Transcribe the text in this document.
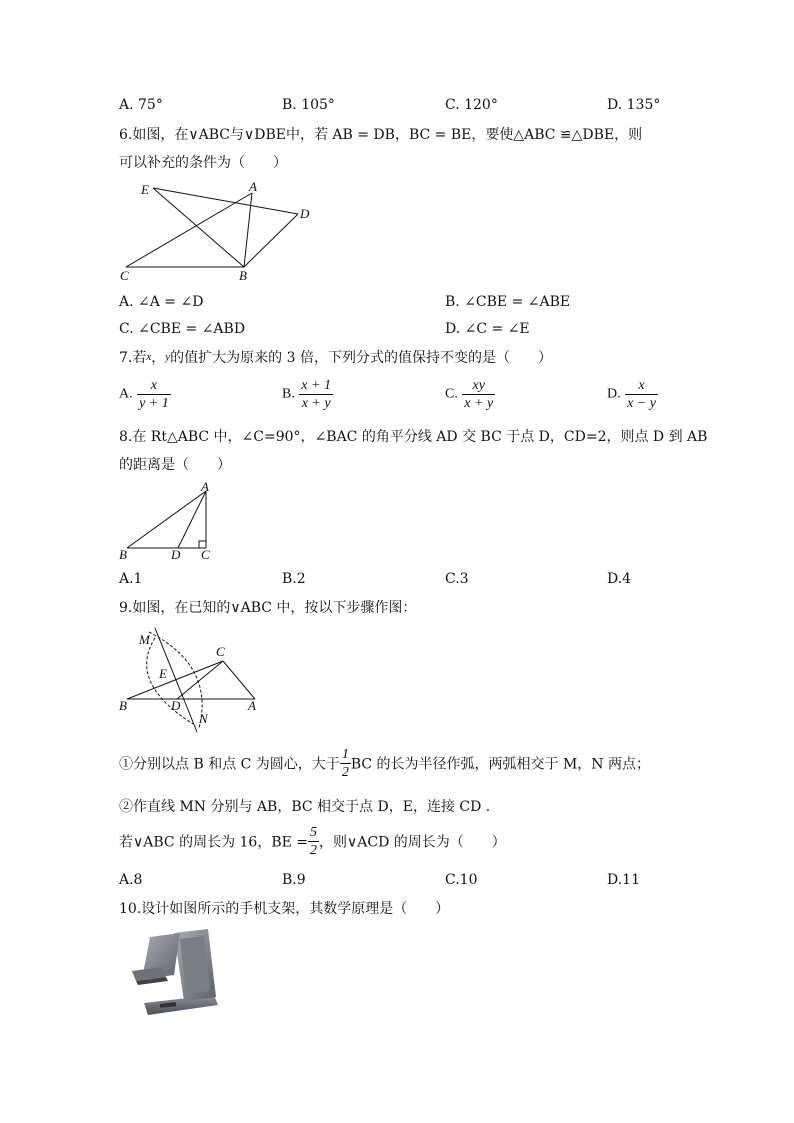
A. 75°	B. 105°	C. 120°	D. 135°
6.如图，在∨ABC与∨DBE中，若 AB = DB，BC = BE，要使△ABC ≌△DBE，则
可以补充的条件为（　　）
E	A
D
C	B
A. ∠A = ∠D	B. ∠CBE = ∠ABE
C. ∠CBE = ∠ABD	D. ∠C = ∠E
7.若x，y的值扩大为原来的 3 倍，下列分式的值保持不变的是（　　）
A. $\frac{x}{y + 1}$	B. $\frac{x + 1}{x + y}$	C. $\frac{xy}{x + y}$	D. $\frac{x}{x - y}$
8.在 Rt△ABC 中，∠C=90°，∠BAC 的角平分线 AD 交 BC 于点 D，CD=2，则点 D 到 AB
的距离是（　　）
A
B	D C
A.1	B.2	C.3	D.4
9.如图，在已知的∨ABC 中，按以下步骤作图：
M
C
E
B	D	A
N
①分别以点 B 和点 C 为圆心，大于 $\frac{1}{2}$ BC 的长为半径作弧，两弧相交于 M，N 两点；
②作直线 MN 分别与 AB，BC 相交于点 D，E，连接 CD .
若∨ABC 的周长为 16，BE = $\frac{5}{2}$ ，则∨ACD 的周长为（　　）
A.8	B.9	C.10	D.11
10.设计如图所示的手机支架，其数学原理是（　　）
